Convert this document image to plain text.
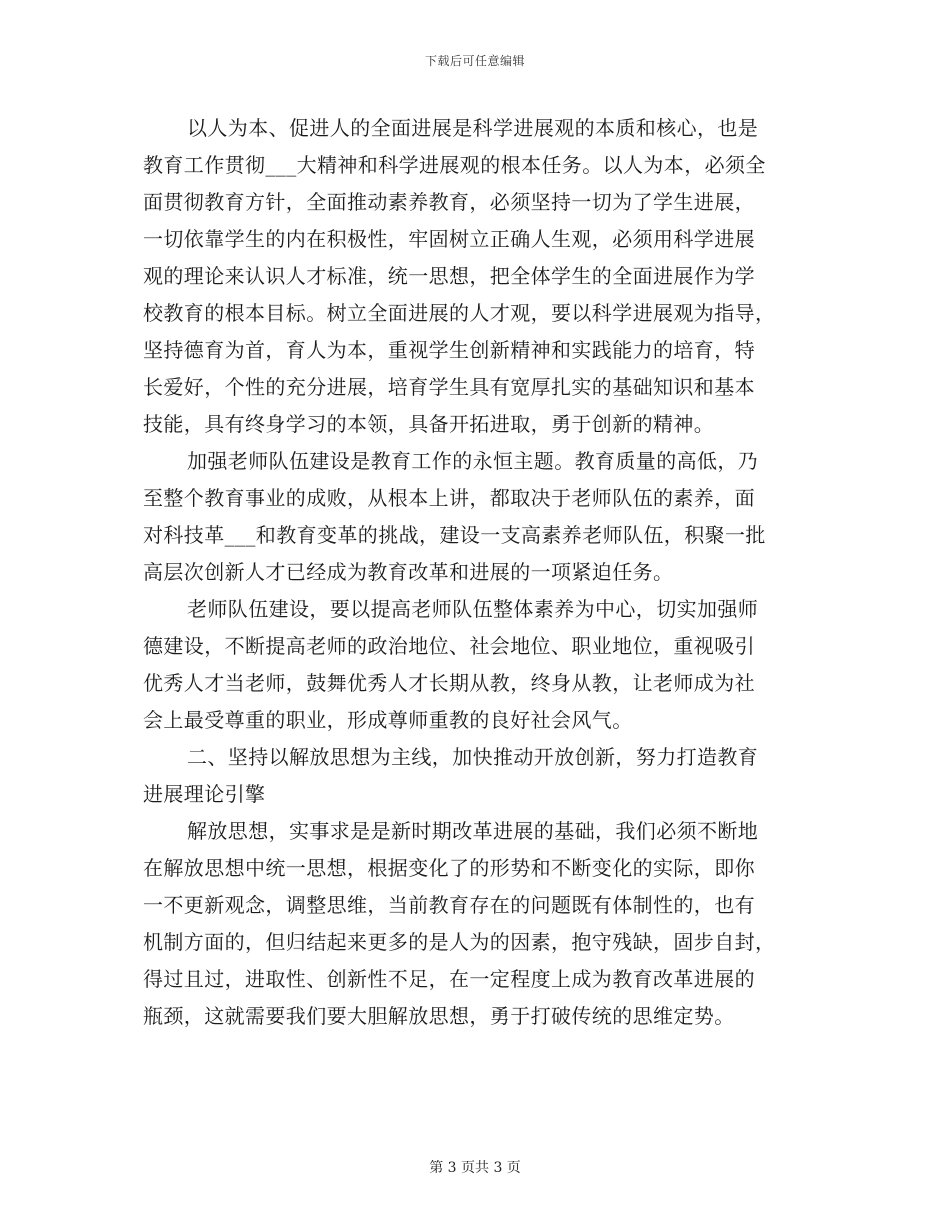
下载后可任意编辑
以人为本、促进人的全面进展是科学进展观的本质和核心，也是
教育工作贯彻___大精神和科学进展观的根本任务。以人为本，必须全
面贯彻教育方针，全面推动素养教育，必须坚持一切为了学生进展，
一切依靠学生的内在积极性，牢固树立正确人生观，必须用科学进展
观的理论来认识人才标准，统一思想，把全体学生的全面进展作为学
校教育的根本目标。树立全面进展的人才观，要以科学进展观为指导，
坚持德育为首，育人为本，重视学生创新精神和实践能力的培育，特
长爱好，个性的充分进展，培育学生具有宽厚扎实的基础知识和基本
技能，具有终身学习的本领，具备开拓进取，勇于创新的精神。
加强老师队伍建设是教育工作的永恒主题。教育质量的高低，乃
至整个教育事业的成败，从根本上讲，都取决于老师队伍的素养，面
对科技革___和教育变革的挑战，建设一支高素养老师队伍，积聚一批
高层次创新人才已经成为教育改革和进展的一项紧迫任务。
老师队伍建设，要以提高老师队伍整体素养为中心，切实加强师
德建设，不断提高老师的政治地位、社会地位、职业地位，重视吸引
优秀人才当老师，鼓舞优秀人才长期从教，终身从教，让老师成为社
会上最受尊重的职业，形成尊师重教的良好社会风气。
二、坚持以解放思想为主线，加快推动开放创新，努力打造教育
进展理论引擎
解放思想，实事求是是新时期改革进展的基础，我们必须不断地
在解放思想中统一思想，根据变化了的形势和不断变化的实际，即你
一不更新观念，调整思维，当前教育存在的问题既有体制性的，也有
机制方面的，但归结起来更多的是人为的因素，抱守残缺，固步自封，
得过且过，进取性、创新性不足，在一定程度上成为教育改革进展的
瓶颈，这就需要我们要大胆解放思想，勇于打破传统的思维定势。
第 3 页共 3 页
